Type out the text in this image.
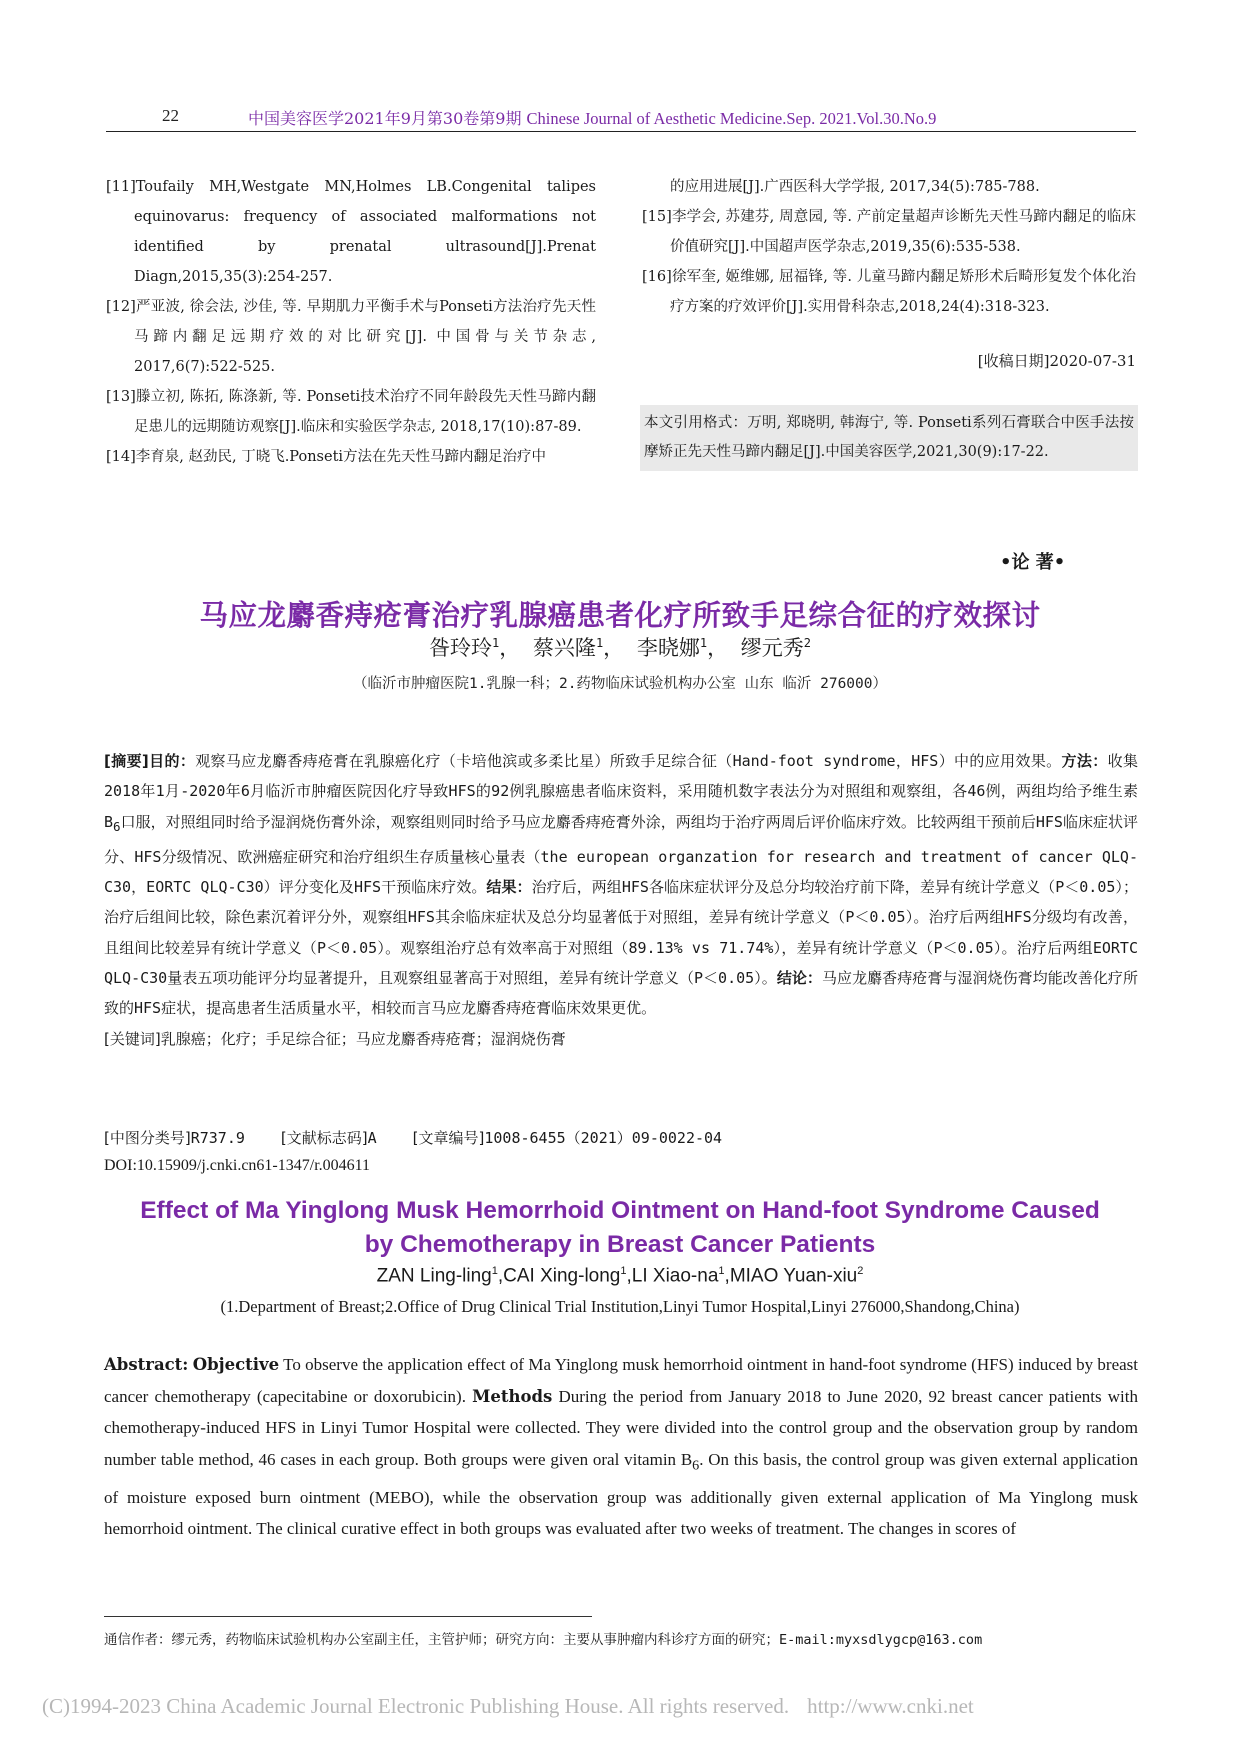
22	中国美容医学2021年9月第30卷第9期 Chinese Journal of Aesthetic Medicine.Sep. 2021.Vol.30.No.9
[11]Toufaily MH,Westgate MN,Holmes LB.Congenital talipes equinovarus: frequency of associated malformations not identified	by prenatal ultrasound[J].Prenat Diagn,2015,35(3):254-257.
[12]严亚波, 徐会法, 沙佳, 等. 早期肌力平衡手术与Ponseti方法治疗先天性马蹄内翻足远期疗效的对比研究[J]. 中国骨与关节杂志, 2017,6(7):522-525.
[13]滕立初, 陈拓, 陈涤新, 等. Ponseti技术治疗不同年龄段先天性马蹄内翻足患儿的远期随访观察[J].临床和实验医学杂志, 2018,17(10):87-89.
[14]李育泉, 赵劲民, 丁晓飞.Ponseti方法在先天性马蹄内翻足治疗中
的应用进展[J].广西医科大学学报, 2017,34(5):785-788.
[15]李学会, 苏建芬, 周意园, 等. 产前定量超声诊断先天性马蹄内翻足的临床价值研究[J].中国超声医学杂志,2019,35(6):535-538.
[16]徐军奎, 姬维娜, 屈福锋, 等. 儿童马蹄内翻足矫形术后畸形复发个体化治疗方案的疗效评价[J].实用骨科杂志,2018,24(4):318-323.
[收稿日期]2020-07-31
本文引用格式：万明, 郑晓明, 韩海宁, 等. Ponseti系列石膏联合中医手法按摩矫正先天性马蹄内翻足[J].中国美容医学,2021,30(9):17-22.
•论 著•
马应龙麝香痔疮膏治疗乳腺癌患者化疗所致手足综合征的疗效探讨
昝玲玲$^1$， 蔡兴隆$^1$， 李晓娜$^1$， 缪元秀$^2$
（临沂市肿瘤医院1.乳腺一科；2.药物临床试验机构办公室 山东 临沂 276000）
[摘要]目的：观察马应龙麝香痔疮膏在乳腺癌化疗（卡培他滨或多柔比星）所致手足综合征（Hand-foot syndrome，HFS）中的应用效果。方法：收集2018年1月-2020年6月临沂市肿瘤医院因化疗导致HFS的92例乳腺癌患者临床资料，采用随机数字表法分为对照组和观察组，各46例，两组均给予维生素$B_6$口服，对照组同时给予湿润烧伤膏外涂，观察组则同时给予马应龙麝香痔疮膏外涂，两组均于治疗两周后评价临床疗效。比较两组干预前后HFS临床症状评分、HFS分级情况、欧洲癌症研究和治疗组织生存质量核心量表（the european organzation for research and treatment of cancer QLQ-C30，EORTC QLQ-C30）评分变化及HFS干预临床疗效。结果：治疗后，两组HFS各临床症状评分及总分均较治疗前下降，差异有统计学意义（P＜0.05）；治疗后组间比较，除色素沉着评分外，观察组HFS其余临床症状及总分均显著低于对照组，差异有统计学意义（P＜0.05）。治疗后两组HFS分级均有改善，且组间比较差异有统计学意义（P＜0.05）。观察组治疗总有效率高于对照组（89.13% vs 71.74%），差异有统计学意义（P＜0.05）。治疗后两组EORTC QLQ-C30量表五项功能评分均显著提升，且观察组显著高于对照组，差异有统计学意义（P＜0.05）。结论：马应龙麝香痔疮膏与湿润烧伤膏均能改善化疗所致的HFS症状，提高患者生活质量水平，相较而言马应龙麝香痔疮膏临床效果更优。
[关键词]乳腺癌；化疗；手足综合征；马应龙麝香痔疮膏；湿润烧伤膏
[中图分类号]R737.9 [文献标志码]A [文章编号]1008-6455（2021）09-0022-04
DOI:10.15909/j.cnki.cn61-1347/r.004611
Effect of Ma Yinglong Musk Hemorrhoid Ointment on Hand-foot Syndrome Caused
by Chemotherapy in Breast Cancer Patients
ZAN Ling-ling$^1$,CAI Xing-long$^1$,LI Xiao-$na^1,MIAO$ Yuan-xiu$^2$
(1.Department of Breast;2.Office of Drug Clinical Trial Institution,Linyi Tumor Hospital,Linyi 276000,Shandong,China)
Abstract: Objective To observe the application effect of Ma Yinglong musk hemorrhoid ointment in hand-foot syndrome (HFS) induced by breast cancer chemotherapy (capecitabine or doxorubicin). Methods During the period from January 2018 to June 2020, 92 breast cancer patients with chemotherapy-induced HFS in Linyi Tumor Hospital were collected. They were divided into the control group and the observation group by random number table method, 46 cases in each group. Both groups were given oral vitamin $B_6$. On this basis, the control group was given external application of moisture exposed burn ointment (MEBO), while the observation group was additionally given external application of Ma Yinglong musk hemorrhoid ointment. The clinical curative effect in both groups was evaluated after two weeks of treatment. The changes in scores of
通信作者：缪元秀，药物临床试验机构办公室副主任，主管护师；研究方向：主要从事肿瘤内科诊疗方面的研究；E-mail:myxsdlygcp@163.com
(C)1994-2023 China Academic Journal Electronic Publishing House. All rights reserved. http://www.cnki.net
